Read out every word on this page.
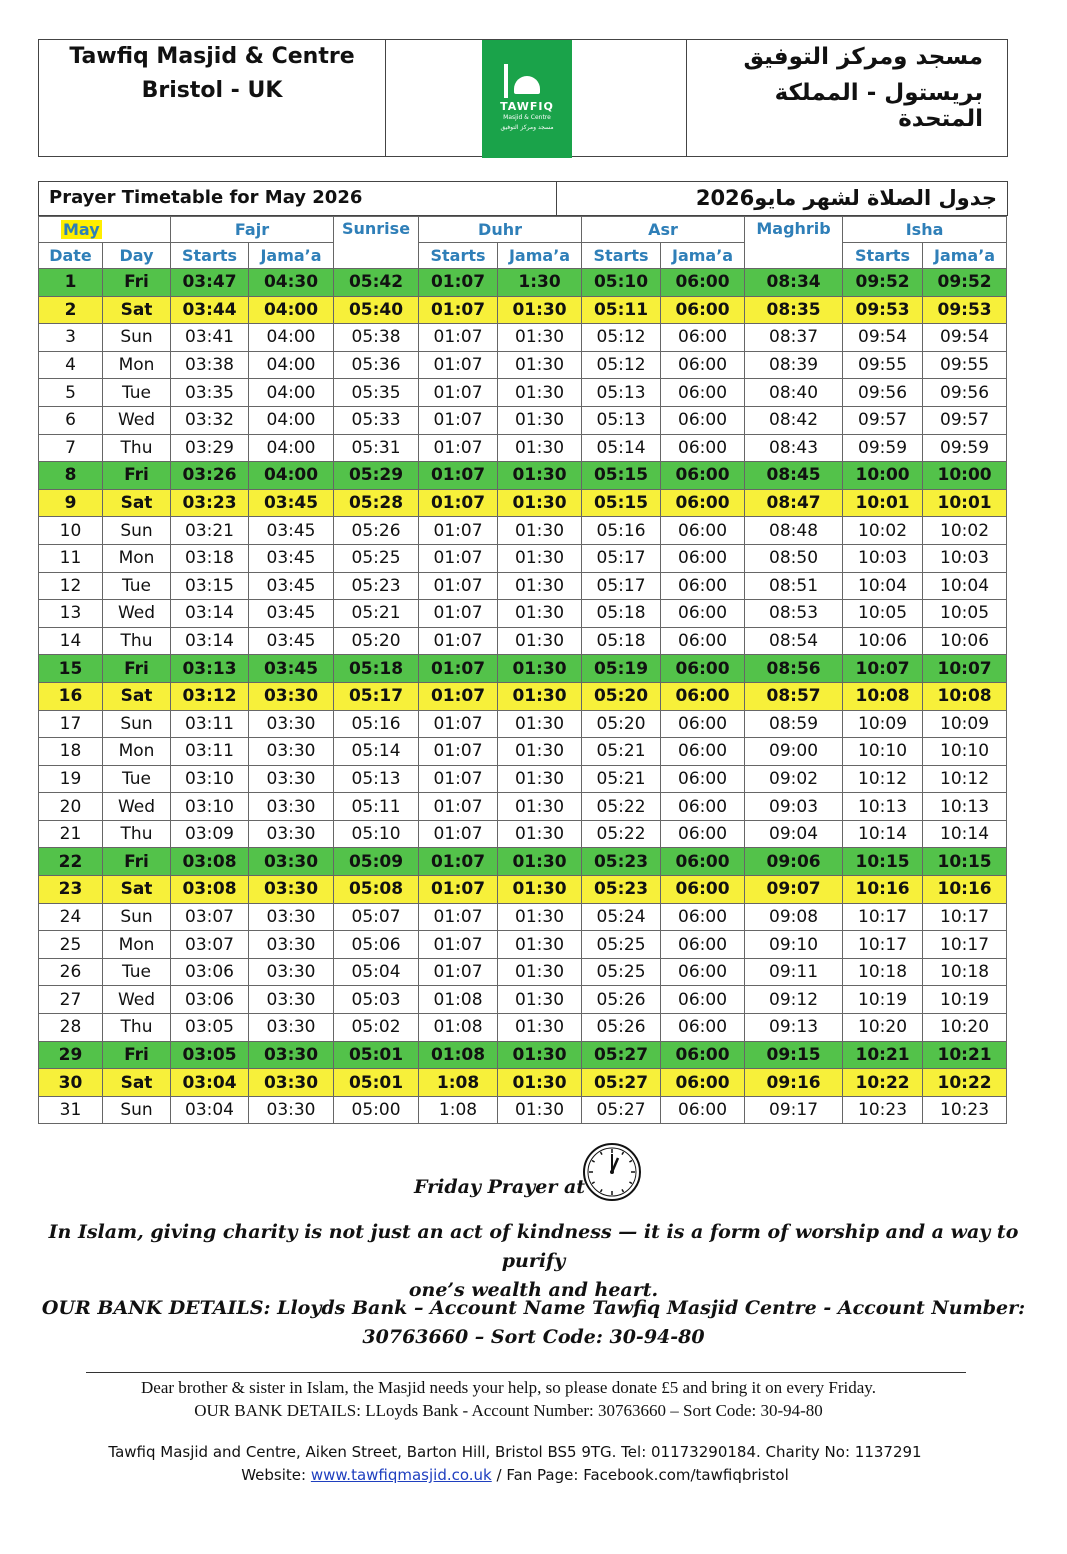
Tawfiq Masjid & Centre
Bristol - UK
TAWFIQ
Masjid & Centre
مسجد ومركز التوفيق
مسجد ومركز التوفيق
بريستول - المملكة المتحدة
Prayer Timetable for May 2026	جدول الصلاة لشهر مايو2026
May		Fajr		Sunrise	Duhr		Asr		Maghrib	Isha	
Date	Day	Starts	Jama’a		Starts	Jama’a	Starts	Jama’a		Starts	Jama’a
1	Fri	03:47	04:30	05:42	01:07	1:30	05:10	06:00	08:34	09:52	09:52
2	Sat	03:44	04:00	05:40	01:07	01:30	05:11	06:00	08:35	09:53	09:53
3	Sun	03:41	04:00	05:38	01:07	01:30	05:12	06:00	08:37	09:54	09:54
4	Mon	03:38	04:00	05:36	01:07	01:30	05:12	06:00	08:39	09:55	09:55
5	Tue	03:35	04:00	05:35	01:07	01:30	05:13	06:00	08:40	09:56	09:56
6	Wed	03:32	04:00	05:33	01:07	01:30	05:13	06:00	08:42	09:57	09:57
7	Thu	03:29	04:00	05:31	01:07	01:30	05:14	06:00	08:43	09:59	09:59
8	Fri	03:26	04:00	05:29	01:07	01:30	05:15	06:00	08:45	10:00	10:00
9	Sat	03:23	03:45	05:28	01:07	01:30	05:15	06:00	08:47	10:01	10:01
10	Sun	03:21	03:45	05:26	01:07	01:30	05:16	06:00	08:48	10:02	10:02
11	Mon	03:18	03:45	05:25	01:07	01:30	05:17	06:00	08:50	10:03	10:03
12	Tue	03:15	03:45	05:23	01:07	01:30	05:17	06:00	08:51	10:04	10:04
13	Wed	03:14	03:45	05:21	01:07	01:30	05:18	06:00	08:53	10:05	10:05
14	Thu	03:14	03:45	05:20	01:07	01:30	05:18	06:00	08:54	10:06	10:06
15	Fri	03:13	03:45	05:18	01:07	01:30	05:19	06:00	08:56	10:07	10:07
16	Sat	03:12	03:30	05:17	01:07	01:30	05:20	06:00	08:57	10:08	10:08
17	Sun	03:11	03:30	05:16	01:07	01:30	05:20	06:00	08:59	10:09	10:09
18	Mon	03:11	03:30	05:14	01:07	01:30	05:21	06:00	09:00	10:10	10:10
19	Tue	03:10	03:30	05:13	01:07	01:30	05:21	06:00	09:02	10:12	10:12
20	Wed	03:10	03:30	05:11	01:07	01:30	05:22	06:00	09:03	10:13	10:13
21	Thu	03:09	03:30	05:10	01:07	01:30	05:22	06:00	09:04	10:14	10:14
22	Fri	03:08	03:30	05:09	01:07	01:30	05:23	06:00	09:06	10:15	10:15
23	Sat	03:08	03:30	05:08	01:07	01:30	05:23	06:00	09:07	10:16	10:16
24	Sun	03:07	03:30	05:07	01:07	01:30	05:24	06:00	09:08	10:17	10:17
25	Mon	03:07	03:30	05:06	01:07	01:30	05:25	06:00	09:10	10:17	10:17
26	Tue	03:06	03:30	05:04	01:07	01:30	05:25	06:00	09:11	10:18	10:18
27	Wed	03:06	03:30	05:03	01:08	01:30	05:26	06:00	09:12	10:19	10:19
28	Thu	03:05	03:30	05:02	01:08	01:30	05:26	06:00	09:13	10:20	10:20
29	Fri	03:05	03:30	05:01	01:08	01:30	05:27	06:00	09:15	10:21	10:21
30	Sat	03:04	03:30	05:01	1:08	01:30	05:27	06:00	09:16	10:22	10:22
31	Sun	03:04	03:30	05:00	1:08	01:30	05:27	06:00	09:17	10:23	10:23
Friday Prayer at
In Islam, giving charity is not just an act of kindness — it is a form of worship and a way to purify
one’s wealth and heart.
OUR BANK DETAILS: Lloyds Bank – Account Name Tawfiq Masjid Centre - Account Number:
30763660 – Sort Code: 30-94-80
Dear brother & sister in Islam, the Masjid needs your help, so please donate £5 and bring it on every Friday.
OUR BANK DETAILS: LLoyds Bank - Account Number: 30763660 – Sort Code: 30-94-80
Tawfiq Masjid and Centre, Aiken Street, Barton Hill, Bristol BS5 9TG. Tel: 01173290184. Charity No: 1137291
Website: www.tawfiqmasjid.co.uk / Fan Page: Facebook.com/tawfiqbristol
